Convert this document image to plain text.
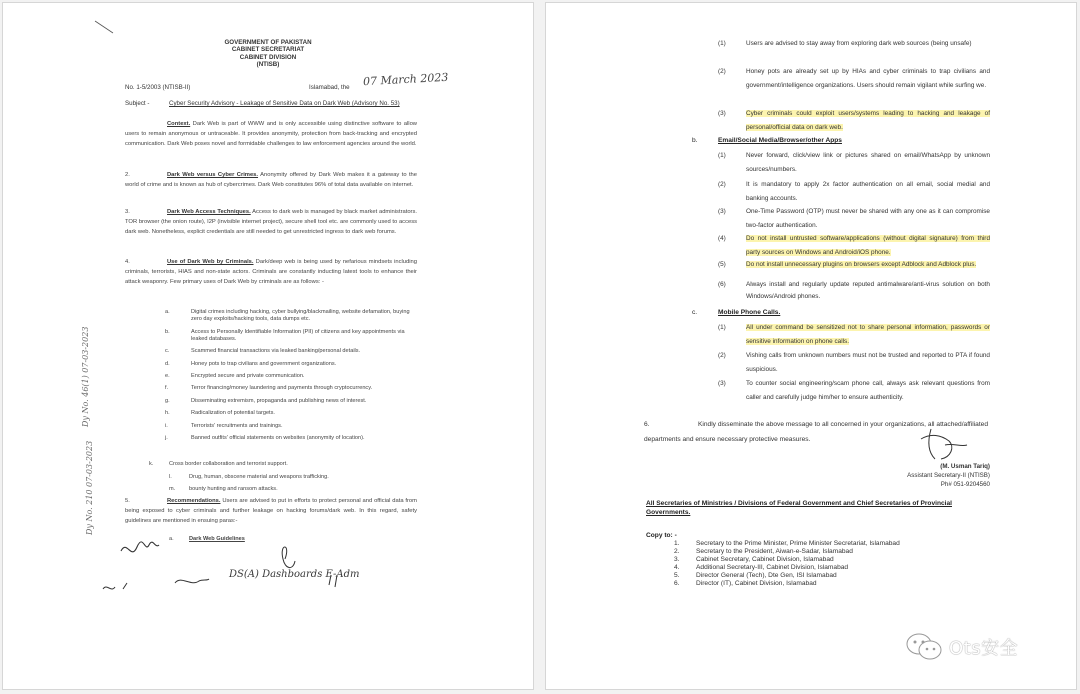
GOVERNMENT OF PAKISTAN
CABINET SECRETARIAT
CABINET DIVISION
(NTISB)
No. 1-5/2003 (NTISB-II)	Islamabad, the 07 March 2023
Subject -	Cyber Security Advisory - Leakage of Sensitive Data on Dark Web (Advisory No. 53)
Context. Dark Web is part of WWW and is only accessible using distinctive software to allow users to remain anonymous or untraceable. It provides anonymity, protection from back-tracking and encrypted communication. Dark Web poses novel and formidable challenges to law enforcement agencies around the world.
2.	Dark Web versus Cyber Crimes. Anonymity offered by Dark Web makes it a gateway to the world of crime and is known as hub of cybercrimes. Dark Web constitutes 96% of total data available on internet.
3.	Dark Web Access Techniques. Access to dark web is managed by black market administrators. TOR browser (the onion route), I2P (invisible internet project), secure shell tool etc. are commonly used to access dark web. Nonetheless, explicit credentials are still needed to get unrestricted ingress to dark web forums.
4.	Use of Dark Web by Criminals. Dark/deep web is being used by nefarious mindsets including criminals, terrorists, HIAS and non-state actors. Criminals are constantly inducting latest tools to enhance their attack weaponry. Few primary uses of Dark Web by criminals are as follows: -
a.	Digital crimes including hacking, cyber bullying/blackmailing, website defamation, buying zero day exploits/hacking tools, data dumps etc.
b.	Access to Personally Identifiable Information (PII) of citizens and key appointments via leaked databases.
c.	Scammed financial transactions via leaked banking/personal details.
d.	Honey pots to trap civilians and government organizations.
e.	Encrypted secure and private communication.
f.	Terror financing/money laundering and payments through cryptocurrency.
g.	Disseminating extremism, propaganda and publishing news of interest.
h.	Radicalization of potential targets.
i.	Terrorists' recruitments and trainings.
j.	Banned outfits' official statements on websites (anonymity of location).
k.	Cross border collaboration and terrorist support.
l.	Drug, human, obscene material and weapons trafficking.
m. bounty hunting and ransom attacks.
5.	Recommendations. Users are advised to put in efforts to protect personal and official data from being exposed to cyber criminals and further leakage on hacking forums/dark web. In this regard, safety guidelines are mentioned in ensuing paras:-
a.	Dark Web Guidelines
Dy No. 46(1) 07-03-2023
Dy No. 210 07-03-2023
DS(A) Dashboards E-Adm
(1)	Users are advised to stay away from exploring dark web sources (being unsafe)
(2)	Honey pots are already set up by HIAs and cyber criminals to trap civilians and government/intelligence organizations. Users should remain vigilant while surfing we.
(3)	Cyber criminals could exploit users/systems leading to hacking and leakage of personal/official data on dark web.
b.	Email/Social Media/Browser/other Apps
(1)	Never forward, click/view link or pictures shared on email/WhatsApp by unknown sources/numbers.
(2)	It is mandatory to apply 2x factor authentication on all email, social medial and banking accounts.
(3)	One-Time Password (OTP) must never be shared with any one as it can compromise two-factor authentication.
(4)	Do not install untrusted software/applications (without digital signature) from third party sources on Windows and Android/iOS phone.
(5)	Do not install unnecessary plugins on browsers except Adblock and Adblock plus.
(6)	Always install and regularly update reputed antimalware/anti-virus solution on both Windows/Android phones.
c.	Mobile Phone Calls.
(1)	All under command be sensitized not to share personal information, passwords or sensitive information on phone calls.
(2)	Vishing calls from unknown numbers must not be trusted and reported to PTA if found suspicious.
(3)	To counter social engineering/scam phone call, always ask relevant questions from caller and carefully judge him/her to ensure authenticity.
6.	Kindly disseminate the above message to all concerned in your organizations, all attached/affiliated departments and ensure necessary protective measures.
(M. Usman Tariq)
Assistant Secretary-II (NTISB)
Ph# 051-9204560
All Secretaries of Ministries / Divisions of Federal Government and Chief Secretaries of Provincial Governments.
Copy to: -
1.	Secretary to the Prime Minister, Prime Minister Secretariat, Islamabad
2.	Secretary to the President, Aiwan-e-Sadar, Islamabad
3.	Cabinet Secretary, Cabinet Division, Islamabad
4.	Additional Secretary-III, Cabinet Division, Islamabad
5.	Director General (Tech), Dte Gen, ISI Islamabad
6.	Director (IT), Cabinet Division, Islamabad
Ots安全
